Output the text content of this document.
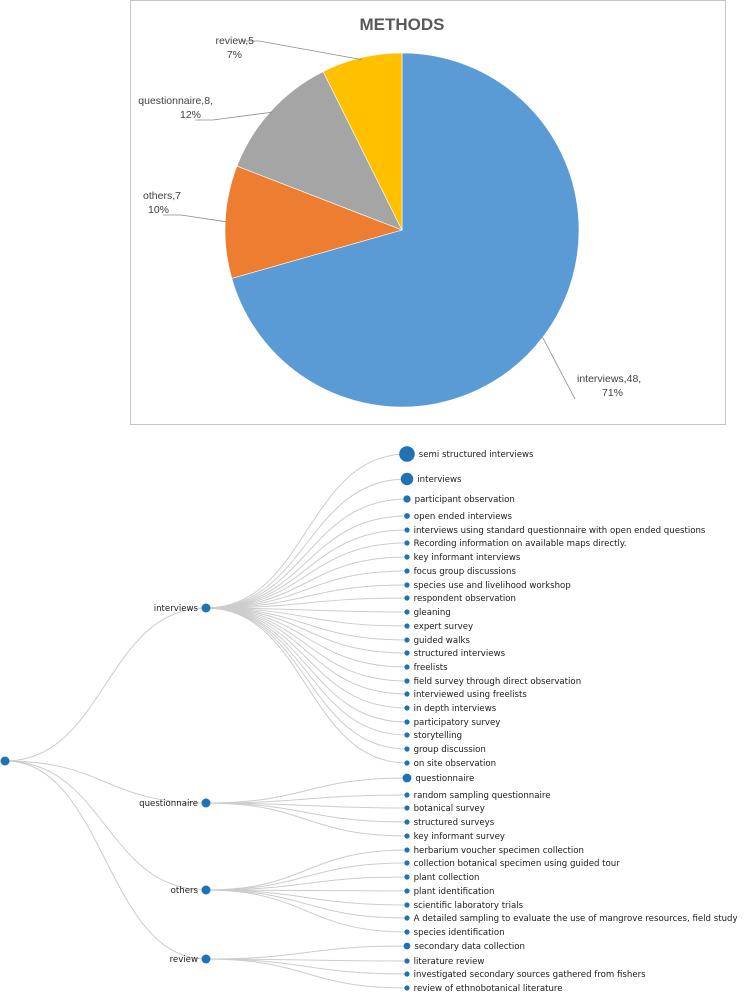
METHODS
interviews,48,
71%
others,7
10%
questionnaire,8,
12%
review,5
7%
semi structured interviews
interviews
participant observation
open ended interviews
interviews using standard questionnaire with open ended questions
Recording information on available maps directly.
key informant interviews
focus group discussions
species use and livelihood workshop
respondent observation
gleaning
expert survey
guided walks
structured interviews
freelists
field survey through direct observation
interviewed using freelists
in depth interviews
participatory survey
storytelling
group discussion
on site observation
interviews
questionnaire
random sampling questionnaire
botanical survey
structured surveys
key informant survey
questionnaire
herbarium voucher specimen collection
collection botanical specimen using guided tour
plant collection
plant identification
scientific laboratory trials
A detailed sampling to evaluate the use of mangrove resources, field study
species identification
others
secondary data collection
literature review
investigated secondary sources gathered from fishers
review of ethnobotanical literature
review
